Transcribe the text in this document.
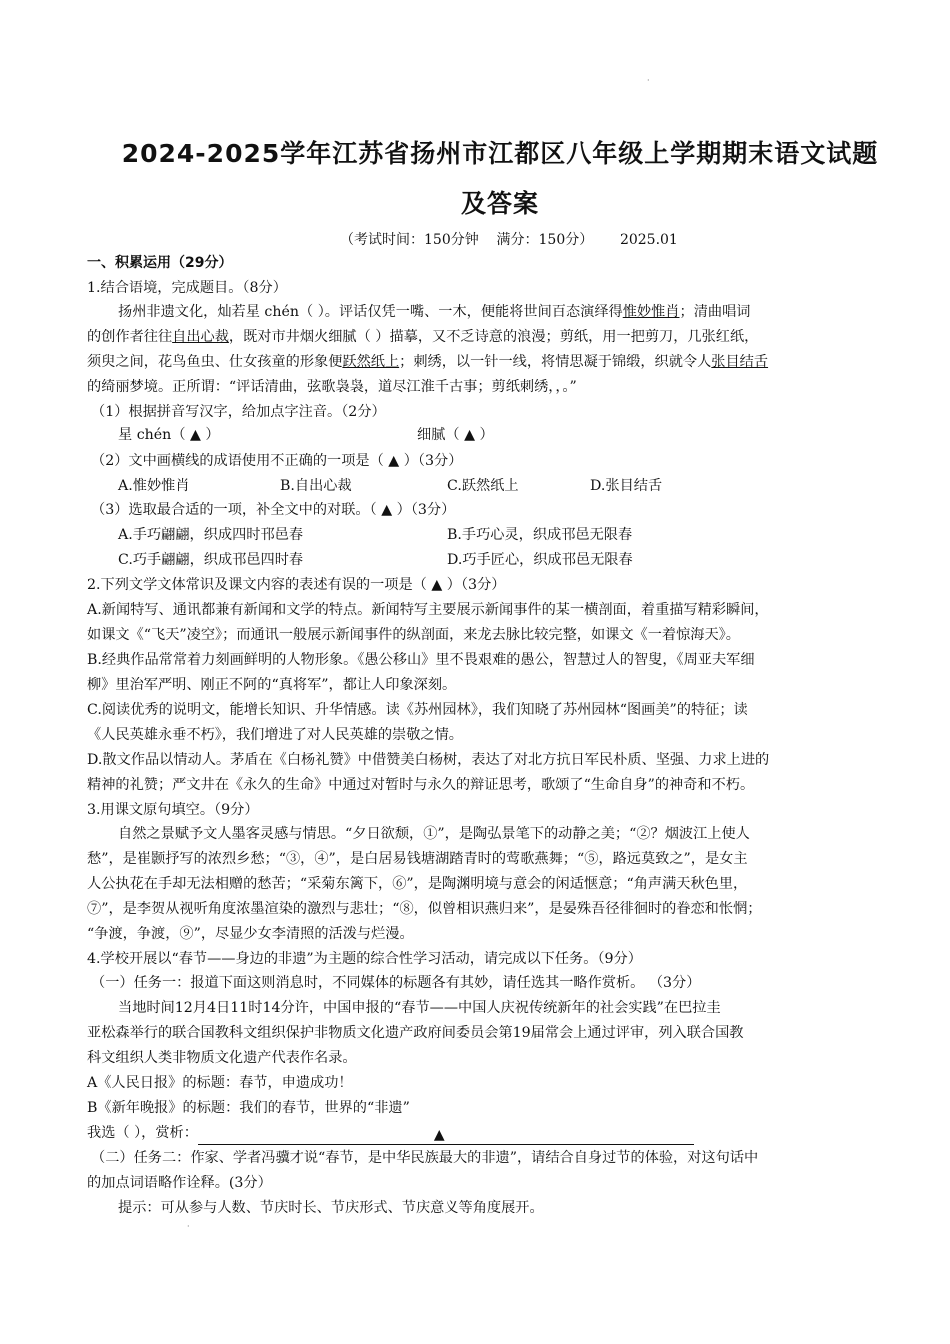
·
·
2024-2025学年江苏省扬州市江都区八年级上学期期末语文试题
及答案
（考试时间：150分钟    满分：150分）      2025.01
一、积累运用（29分）
1.结合语境，完成题目。（8分）
扬州非遗文化，灿若星 chén（ ）。评话仅凭一嘴、一木，便能将世间百态演绎得惟妙惟肖；清曲唱词
的创作者往往自出心裁，既对市井烟火细腻（ ）描摹，又不乏诗意的浪漫；剪纸，用一把剪刀，几张红纸，
须臾之间，花鸟鱼虫、仕女孩童的形象便跃然纸上；刺绣，以一针一线，将情思凝于锦缎，织就令人张目结舌
的绮丽梦境。正所谓：“评话清曲，弦歌袅袅，道尽江淮千古事；剪纸刺绣，，。”
（1）根据拼音写汉字，给加点字注音。（2分）
星 chén（ ▲ ）	细腻（ ▲ ）
（2）文中画横线的成语使用不正确的一项是（ ▲ ）（3分）
A.惟妙惟肖	B.自出心裁	C.跃然纸上	D.张目结舌
（3）选取最合适的一项，补全文中的对联。（ ▲ ）（3分）
A.手巧翩翩，织成四时邗邑春	B.手巧心灵，织成邗邑无限春
C.巧手翩翩，织成邗邑四时春	D.巧手匠心，织成邗邑无限春
2.下列文学文体常识及课文内容的表述有误的一项是（ ▲ ）（3分）
A.新闻特写、通讯都兼有新闻和文学的特点。新闻特写主要展示新闻事件的某一横剖面，着重描写精彩瞬间，
如课文《“飞天”凌空》；而通讯一般展示新闻事件的纵剖面，来龙去脉比较完整，如课文《一着惊海天》。
B.经典作品常常着力刻画鲜明的人物形象。《愚公移山》里不畏艰难的愚公，智慧过人的智叟，《周亚夫军细
柳》里治军严明、刚正不阿的“真将军”，都让人印象深刻。
C.阅读优秀的说明文，能增长知识、升华情感。读《苏州园林》，我们知晓了苏州园林“图画美”的特征；读
《人民英雄永垂不朽》，我们增进了对人民英雄的崇敬之情。
D.散文作品以情动人。茅盾在《白杨礼赞》中借赞美白杨树，表达了对北方抗日军民朴质、坚强、力求上进的
精神的礼赞；严文井在《永久的生命》中通过对暂时与永久的辩证思考，歌颂了“生命自身”的神奇和不朽。
3.用课文原句填空。（9分）
自然之景赋予文人墨客灵感与情思。“夕日欲颓，①”，是陶弘景笔下的动静之美；“②？烟波江上使人
愁”，是崔颢抒写的浓烈乡愁；“③，④”，是白居易钱塘湖踏青时的莺歌燕舞；“⑤，路远莫致之”，是女主
人公执花在手却无法相赠的愁苦；“采菊东篱下，⑥”，是陶渊明境与意会的闲适惬意；“角声满天秋色里，
⑦”，是李贺从视听角度浓墨渲染的激烈与悲壮；“⑧，似曾相识燕归来”，是晏殊吾径徘徊时的眷恋和怅惘；
“争渡，争渡，⑨”，尽显少女李清照的活泼与烂漫。
4.学校开展以“春节——身边的非遗”为主题的综合性学习活动，请完成以下任务。（9分）
（一）任务一：报道下面这则消息时，不同媒体的标题各有其妙，请任选其一略作赏析。 （3分）
当地时间12月4日11时14分许，中国申报的“春节——中国人庆祝传统新年的社会实践”在巴拉圭
亚松森举行的联合国教科文组织保护非物质文化遗产政府间委员会第19届常会上通过评审，列入联合国教
科文组织人类非物质文化遗产代表作名录。
A《人民日报》的标题：春节，申遗成功！
B《新年晚报》的标题：我们的春节，世界的“非遗”
我选（ ），赏析：	▲
（二）任务二：作家、学者冯骥才说“春节，是中华民族最大的非遗”，请结合自身过节的体验，对这句话中
的加点词语略作诠释。(3分）
提示：可从参与人数、节庆时长、节庆形式、节庆意义等角度展开。
